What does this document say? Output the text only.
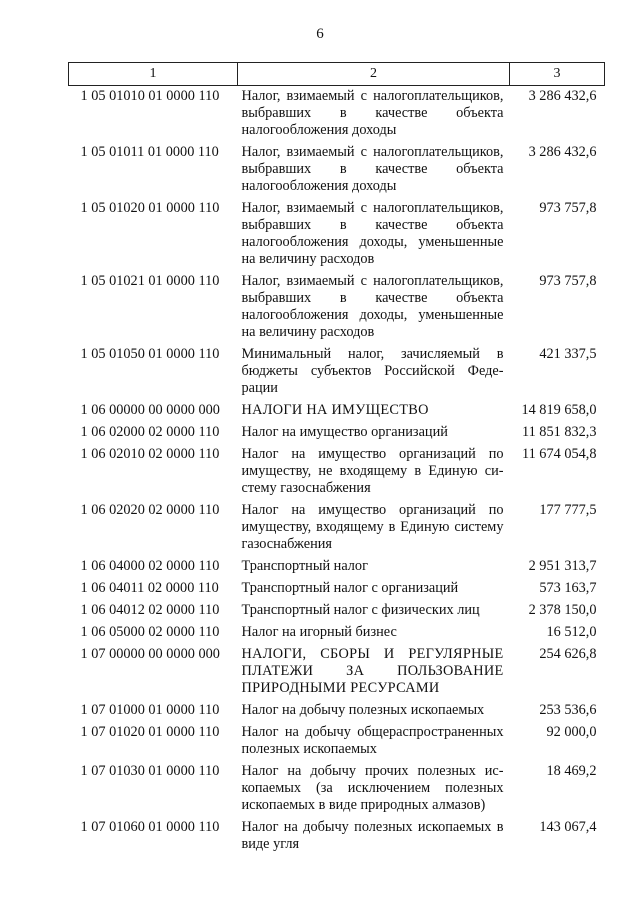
6
1	2	3
1 05 01010 01 0000 110	Налог, взимаемый с налогоплательщиков, выбравших в качестве объекта налогообложения доходы	3 286 432,6
1 05 01011 01 0000 110	Налог, взимаемый с налогоплательщиков, выбравших в качестве объекта налогообложения доходы	3 286 432,6
1 05 01020 01 0000 110	Налог, взимаемый с налогоплательщиков, выбравших в качестве объекта налогообложения доходы, уменьшенные на величину расходов	973 757,8
1 05 01021 01 0000 110	Налог, взимаемый с налогоплательщиков, выбравших в качестве объекта налогообложения доходы, уменьшенные на величину расходов	973 757,8
1 05 01050 01 0000 110	Минимальный налог, зачисляемый в бюджеты субъектов Российской Федерации	421 337,5
1 06 00000 00 0000 000	НАЛОГИ НА ИМУЩЕСТВО	14 819 658,0
1 06 02000 02 0000 110	Налог на имущество организаций	11 851 832,3
1 06 02010 02 0000 110	Налог на имущество организаций по имуществу, не входящему в Единую систему газоснабжения	11 674 054,8
1 06 02020 02 0000 110	Налог на имущество организаций по имуществу, входящему в Единую систему газоснабжения	177 777,5
1 06 04000 02 0000 110	Транспортный налог	2 951 313,7
1 06 04011 02 0000 110	Транспортный налог с организаций	573 163,7
1 06 04012 02 0000 110	Транспортный налог с физических лиц	2 378 150,0
1 06 05000 02 0000 110	Налог на игорный бизнес	16 512,0
1 07 00000 00 0000 000	НАЛОГИ, СБОРЫ И РЕГУЛЯРНЫЕ ПЛАТЕЖИ ЗА ПОЛЬЗОВАНИЕ ПРИРОДНЫМИ РЕСУРСАМИ	254 626,8
1 07 01000 01 0000 110	Налог на добычу полезных ископаемых	253 536,6
1 07 01020 01 0000 110	Налог на добычу общераспространенных полезных ископаемых	92 000,0
1 07 01030 01 0000 110	Налог на добычу прочих полезных ископаемых (за исключением полезных ископаемых в виде природных алмазов)	18 469,2
1 07 01060 01 0000 110	Налог на добычу полезных ископаемых в виде угля	143 067,4
